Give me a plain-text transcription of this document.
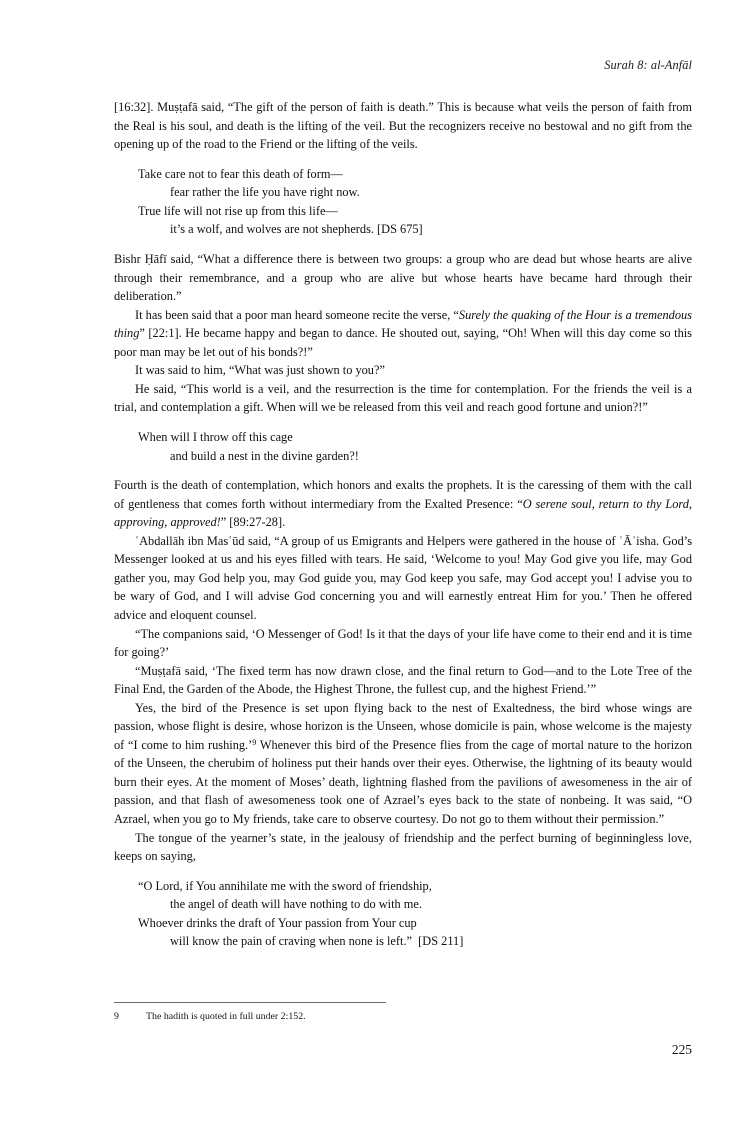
Surah 8: al-Anfāl

[16:32]. Muṣṭafā said, “The gift of the person of faith is death.” This is because what veils the person of faith from the Real is his soul, and death is the lifting of the veil. But the recognizers receive no bestowal and no gift from the opening up of the road to the Friend or the lifting of the veils.

Take care not to fear this death of form—

fear rather the life you have right now.

True life will not rise up from this life—

it’s a wolf, and wolves are not shepherds. [DS 675]

Bishr Ḥāfī said, “What a difference there is between two groups: a group who are dead but whose hearts are alive through their remembrance, and a group who are alive but whose hearts have became hard through their deliberation.”

It has been said that a poor man heard someone recite the verse, “Surely the quaking of the Hour is a tremendous thing” [22:1]. He became happy and began to dance. He shouted out, saying, “Oh! When will this day come so this poor man may be let out of his bonds?!”

It was said to him, “What was just shown to you?”

He said, “This world is a veil, and the resurrection is the time for contemplation. For the friends the veil is a trial, and contemplation a gift. When will we be released from this veil and reach good fortune and union?!”

When will I throw off this cage

and build a nest in the divine garden?!

Fourth is the death of contemplation, which honors and exalts the prophets. It is the caressing of them with the call of gentleness that comes forth without intermediary from the Exalted Presence: “O serene soul, return to thy Lord, approving, approved!” [89:27-28].

ʿAbdallāh ibn Masʿūd said, “A group of us Emigrants and Helpers were gathered in the house of ʿĀʾisha. God’s Messenger looked at us and his eyes filled with tears. He said, ‘Welcome to you! May God give you life, may God gather you, may God help you, may God guide you, may God keep you safe, may God accept you! I advise you to be wary of God, and I will advise God concerning you and will earnestly entreat Him for you.’ Then he offered advice and eloquent counsel.

“The companions said, ‘O Messenger of God! Is it that the days of your life have come to their end and it is time for going?’

“Muṣṭafā said, ‘The fixed term has now drawn close, and the final return to God—and to the Lote Tree of the Final End, the Garden of the Abode, the Highest Throne, the fullest cup, and the highest Friend.’”

Yes, the bird of the Presence is set upon flying back to the nest of Exaltedness, the bird whose wings are passion, whose flight is desire, whose horizon is the Unseen, whose domicile is pain, whose welcome is the majesty of “I come to him rushing.’$^9$ Whenever this bird of the Presence flies from the cage of mortal nature to the horizon of the Unseen, the cherubim of holiness put their hands over their eyes. Otherwise, the lightning of its beauty would burn their eyes. At the moment of Moses’ death, lightning flashed from the pavilions of awesomeness in the air of passion, and that flash of awesomeness took one of Azrael’s eyes back to the state of nonbeing. It was said, “O Azrael, when you go to My friends, take care to observe courtesy. Do not go to them without their permission.”

The tongue of the yearner’s state, in the jealousy of friendship and the perfect burning of beginningless love, keeps on saying,

“O Lord, if You annihilate me with the sword of friendship,

the angel of death will have nothing to do with me.

Whoever drinks the draft of Your passion from Your cup

will know the pain of craving when none is left.”  [DS 211]

9	The hadith is quoted in full under 2:152.
225
